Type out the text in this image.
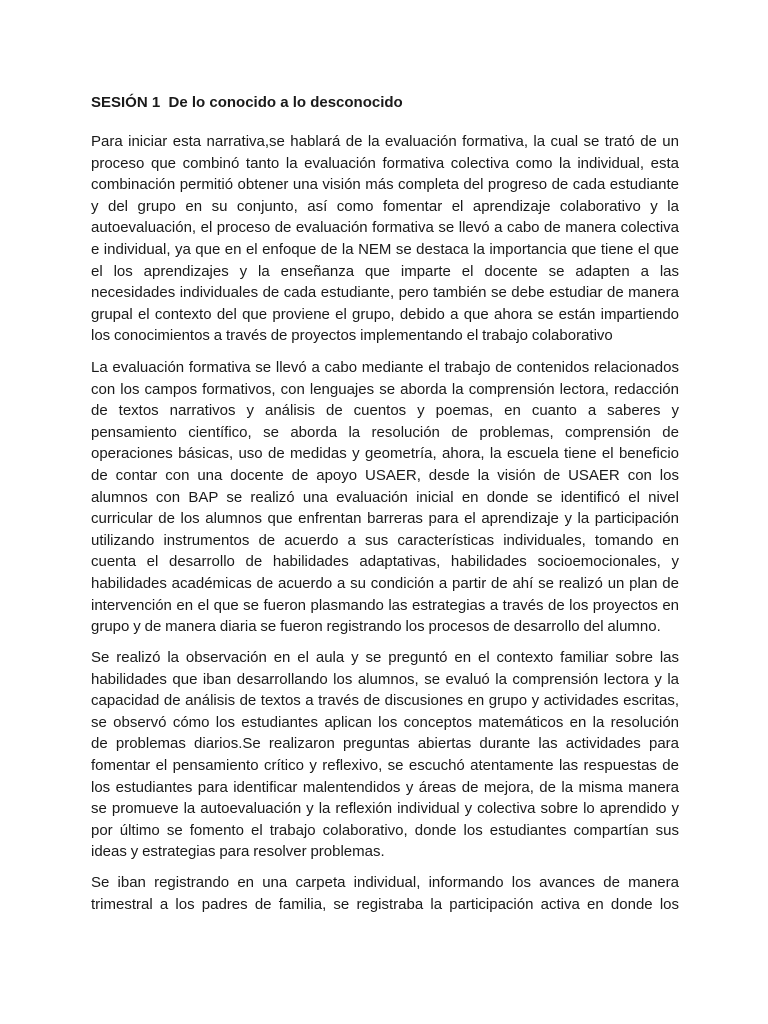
SESIÓN 1  De lo conocido a lo desconocido
Para iniciar esta narrativa,se hablará de la evaluación formativa, la cual se trató de un
proceso que combinó tanto la evaluación formativa colectiva como la individual, esta
combinación permitió obtener una visión más completa del progreso de cada estudiante
y del grupo en su conjunto, así como fomentar el aprendizaje colaborativo y la
autoevaluación, el proceso de evaluación formativa se llevó a cabo de manera colectiva
e individual, ya que en el enfoque de la NEM se destaca la importancia que tiene el que
el los aprendizajes y la enseñanza que imparte el docente se adapten a las
necesidades individuales de cada estudiante, pero también se debe estudiar de manera
grupal el contexto del que proviene el grupo, debido a que ahora se están impartiendo
los conocimientos a través de proyectos implementando el trabajo colaborativo
La evaluación formativa se llevó a cabo mediante el trabajo de contenidos relacionados
con los campos formativos, con lenguajes se aborda la comprensión lectora, redacción
de textos narrativos y análisis de cuentos y poemas, en cuanto a saberes y
pensamiento científico, se aborda la resolución de problemas, comprensión de
operaciones básicas, uso de medidas y geometría, ahora, la escuela tiene el beneficio
de contar con una docente de apoyo USAER, desde la visión de USAER con los
alumnos con BAP se realizó una evaluación inicial en donde se identificó el nivel
curricular de los alumnos que enfrentan barreras para el aprendizaje y la participación
utilizando instrumentos de acuerdo a sus características individuales, tomando en
cuenta el desarrollo de habilidades adaptativas, habilidades socioemocionales, y
habilidades académicas de acuerdo a su condición a partir de ahí se realizó un plan de
intervención en el que se fueron plasmando las estrategias a través de los proyectos en
grupo y de manera diaria se fueron registrando los procesos de desarrollo del alumno.
Se realizó la observación en el aula y se preguntó en el contexto familiar sobre las
habilidades que iban desarrollando los alumnos, se evaluó la comprensión lectora y la
capacidad de análisis de textos a través de discusiones en grupo y actividades escritas,
se observó cómo los estudiantes aplican los conceptos matemáticos en la resolución
de problemas diarios.Se realizaron preguntas abiertas durante las actividades para
fomentar el pensamiento crítico y reflexivo, se escuchó atentamente las respuestas de
los estudiantes para identificar malentendidos y áreas de mejora, de la misma manera
se promueve la autoevaluación y la reflexión individual y colectiva sobre lo aprendido y
por último se fomento el trabajo colaborativo, donde los estudiantes compartían sus
ideas y estrategias para resolver problemas.
Se iban registrando en una carpeta individual, informando los avances de manera
trimestral a los padres de familia, se registraba la participación activa en donde los
